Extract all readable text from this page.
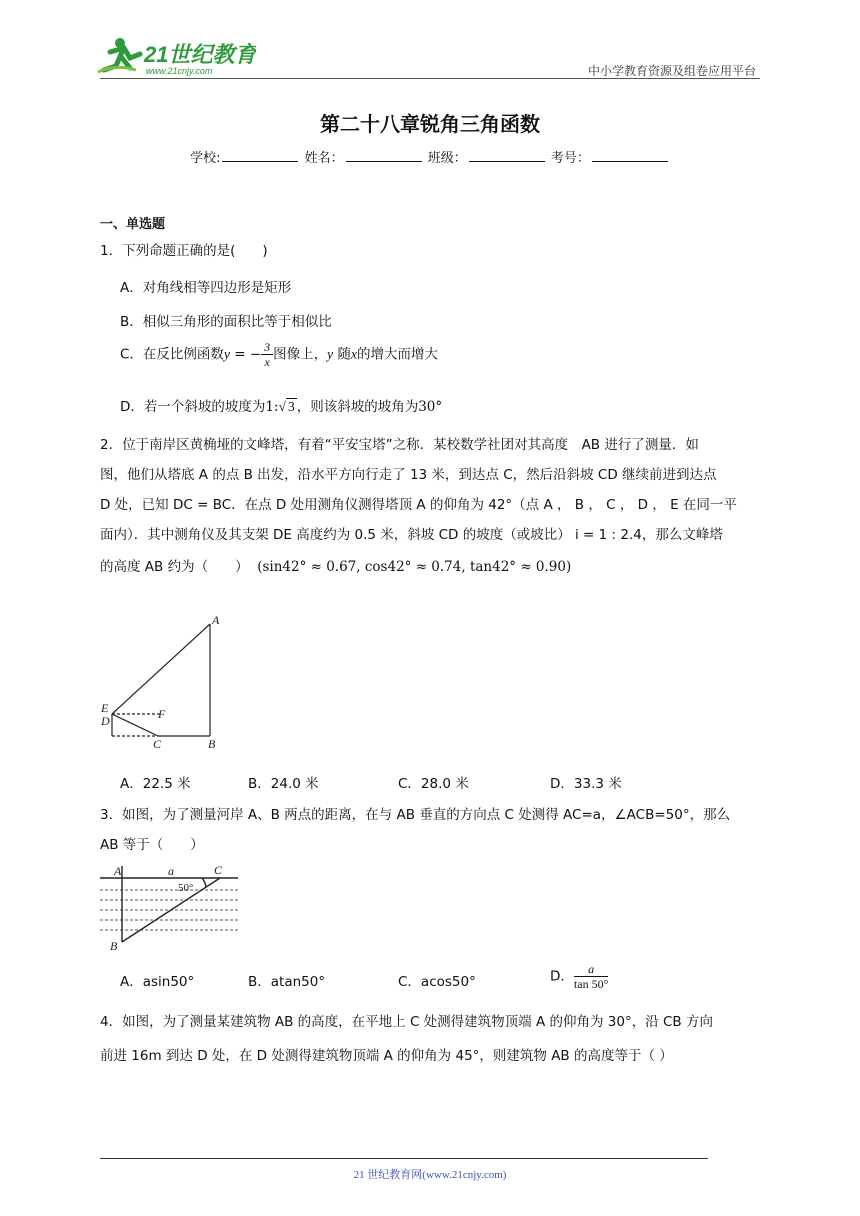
21世纪教育
www.21cnjy.com	中小学教育资源及组卷应用平台
第二十八章锐角三角函数
学校:	姓名：	班级：	考号：
一、单选题
1．下列命题正确的是(　　)
A．对角线相等四边形是矩形
B．相似三角形的面积比等于相似比
C．在反比例函数y = − $\frac{3}{x}$ 图像上，y 随x的增大而增大
D．若一个斜坡的坡度为1:√ 3 ，则该斜坡的坡角为30°
2．位于南岸区黄桷垭的文峰塔，有着“平安宝塔”之称．某校数学社团对其高度　AB 进行了测量．如
图，他们从塔底 A 的点 B 出发，沿水平方向行走了 13 米，到达点 C，然后沿斜坡 CD 继续前进到达点
D 处，已知 DC = BC．在点 D 处用测角仪测得塔顶 A 的仰角为 42°（点 A ， B ， C ， D ， E 在同一平
面内）．其中测角仪及其支架 DE 高度约为 0.5 米，斜坡 CD 的坡度（或坡比） i = 1 : 2.4，那么文峰塔
的高度 AB 约为（　　） (sin42° ≈ 0.67, cos42° ≈ 0.74, tan42° ≈ 0.90)
A
E
D	F
C	B
A．22.5 米	B．24.0 米	C．28.0 米	D．33.3 米
3．如图，为了测量河岸 A、B 两点的距离，在与 AB 垂直的方向点 C 处测得 AC=a，∠ACB=50°，那么
AB 等于（　　）
A	a	C
50°
B
A．asin50°	B．atan50°	C．acos50°	D． $\frac{a}{\tan 50^\circ}$
4．如图，为了测量某建筑物 AB 的高度，在平地上 C 处测得建筑物顶端 A 的仰角为 30°，沿 CB 方向
前进 16m 到达 D 处，在 D 处测得建筑物顶端 A 的仰角为 45°，则建筑物 AB 的高度等于（ ）
21 世纪教育网(www.21cnjy.com)
